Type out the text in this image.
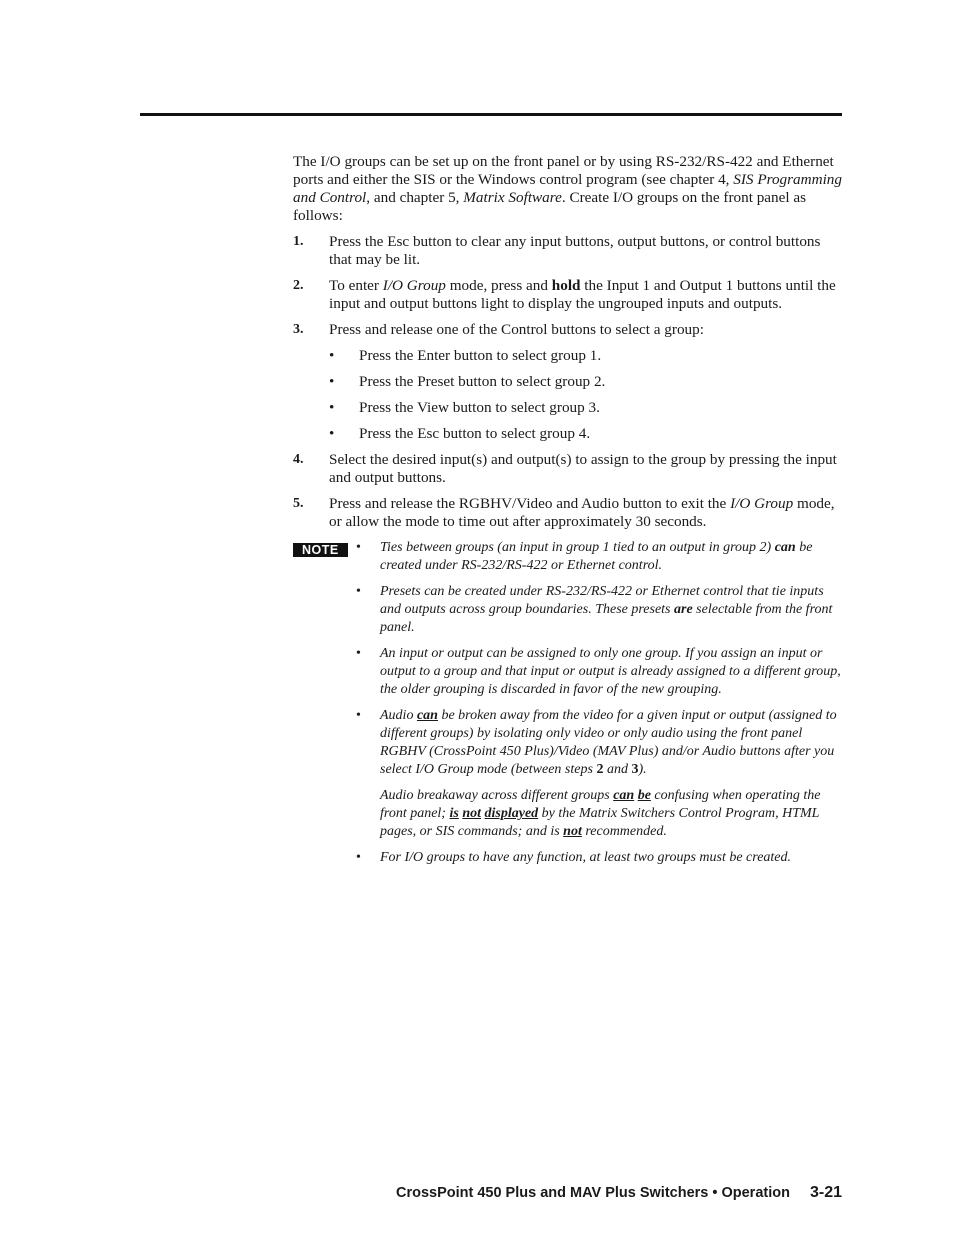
The I/O groups can be set up on the front panel or by using RS-232/RS-422 and Ethernet ports and either the SIS or the Windows control program (see chapter 4, SIS Programming and Control, and chapter 5, Matrix Software. Create I/O groups on the front panel as follows:

1.	Press the Esc button to clear any input buttons, output buttons, or control buttons that may be lit.
2.	To enter I/O Group mode, press and hold the Input 1 and Output 1 buttons until the input and output buttons light to display the ungrouped inputs and outputs.
3.	Press and release one of the Control buttons to select a group:
•	Press the Enter button to select group 1.
•	Press the Preset button to select group 2.
•	Press the View button to select group 3.
•	Press the Esc button to select group 4.
4.	Select the desired input(s) and output(s) to assign to the group by pressing the input and output buttons.
5.	Press and release the RGBHV/Video and Audio button to exit the I/O Group mode, or allow the mode to time out after approximately 30 seconds.
NOTE	•	Ties between groups (an input in group 1 tied to an output in group 2) can be created under RS-232/RS-422 or Ethernet control.
•	Presets can be created under RS-232/RS-422 or Ethernet control that tie inputs and outputs across group boundaries. These presets are selectable from the front panel.
•	An input or output can be assigned to only one group. If you assign an input or output to a group and that input or output is already assigned to a different group, the older grouping is discarded in favor of the new grouping.
•	Audio can be broken away from the video for a given input or output (assigned to different groups) by isolating only video or only audio using the front panel RGBHV (CrossPoint 450 Plus)/Video (MAV Plus) and/or Audio buttons after you select I/O Group mode (between steps 2 and 3).

Audio breakaway across different groups can be confusing when operating the front panel; is not displayed by the Matrix Switchers Control Program, HTML pages, or SIS commands; and is not recommended.

•	For I/O groups to have any function, at least two groups must be created.
CrossPoint 450 Plus and MAV Plus Switchers • Operation 3-21
